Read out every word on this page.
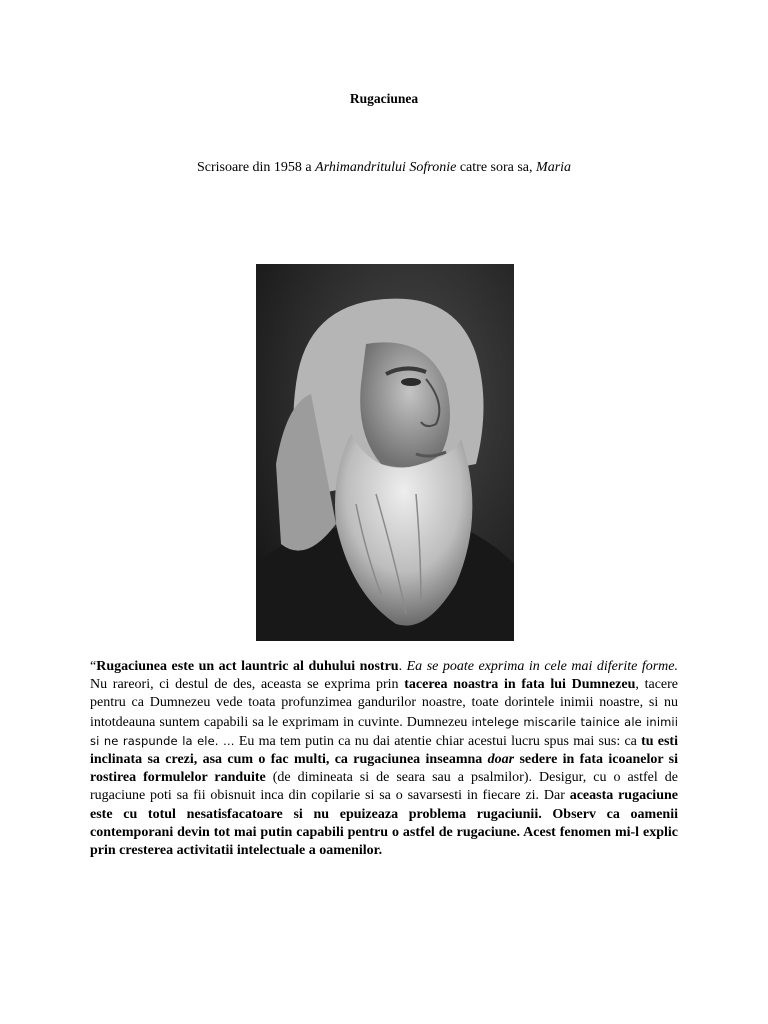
Rugaciunea
Scrisoare din 1958 a Arhimandritului Sofronie catre sora sa, Maria
“Rugaciunea este un act launtric al duhului nostru. Ea se poate exprima in cele mai diferite forme. Nu rareori, ci destul de des, aceasta se exprima prin tacerea noastra in fata lui Dumnezeu, tacere pentru ca Dumnezeu vede toata profunzimea gandurilor noastre, toate dorintele inimii noastre, si nu intotdeauna suntem capabili sa le exprimam in cuvinte. Dumnezeu intelege miscarile tainice ale inimii si ne raspunde la ele. … Eu ma tem putin ca nu dai atentie chiar acestui lucru spus mai sus: ca tu esti inclinata sa crezi, asa cum o fac multi, ca rugaciunea inseamna doar sedere in fata icoanelor si rostirea formulelor randuite (de dimineata si de seara sau a psalmilor). Desigur, cu o astfel de rugaciune poti sa fii obisnuit inca din copilarie si sa o savarsesti in fiecare zi. Dar aceasta rugaciune este cu totul nesatisfacatoare si nu epuizeaza problema rugaciunii. Observ ca oamenii contemporani devin tot mai putin capabili pentru o astfel de rugaciune. Acest fenomen mi-l explic prin cresterea activitatii intelectuale a oamenilor.
